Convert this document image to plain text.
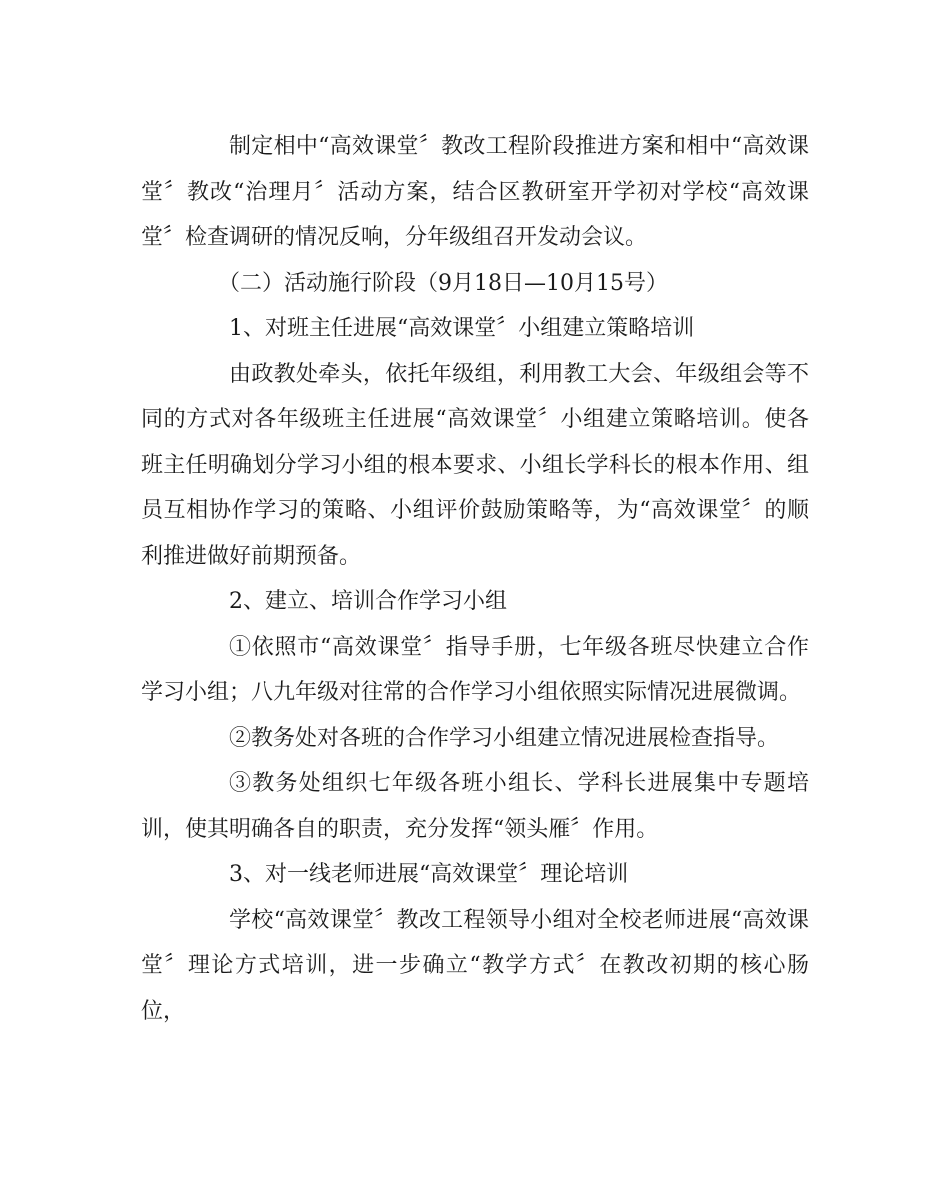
制定相中“高效课堂〞教改工程阶段推进方案和相中“高效课堂〞教改“治理月〞活动方案，结合区教研室开学初对学校“高效课堂〞检查调研的情况反响，分年级组召开发动会议。

（二）活动施行阶段（9月18日—10月15号）

1、对班主任进展“高效课堂〞小组建立策略培训

由政教处牵头，依托年级组，利用教工大会、年级组会等不同的方式对各年级班主任进展“高效课堂〞小组建立策略培训。使各班主任明确划分学习小组的根本要求、小组长学科长的根本作用、组员互相协作学习的策略、小组评价鼓励策略等，为“高效课堂〞的顺利推进做好前期预备。

2、建立、培训合作学习小组

①依照市“高效课堂〞指导手册，七年级各班尽快建立合作学习小组；八九年级对往常的合作学习小组依照实际情况进展微调。

②教务处对各班的合作学习小组建立情况进展检查指导。

③教务处组织七年级各班小组长、学科长进展集中专题培训，使其明确各自的职责，充分发挥“领头雁〞作用。

3、对一线老师进展“高效课堂〞理论培训

学校“高效课堂〞教改工程领导小组对全校老师进展“高效课堂〞理论方式培训，进一步确立“教学方式〞在教改初期的核心肠位，
